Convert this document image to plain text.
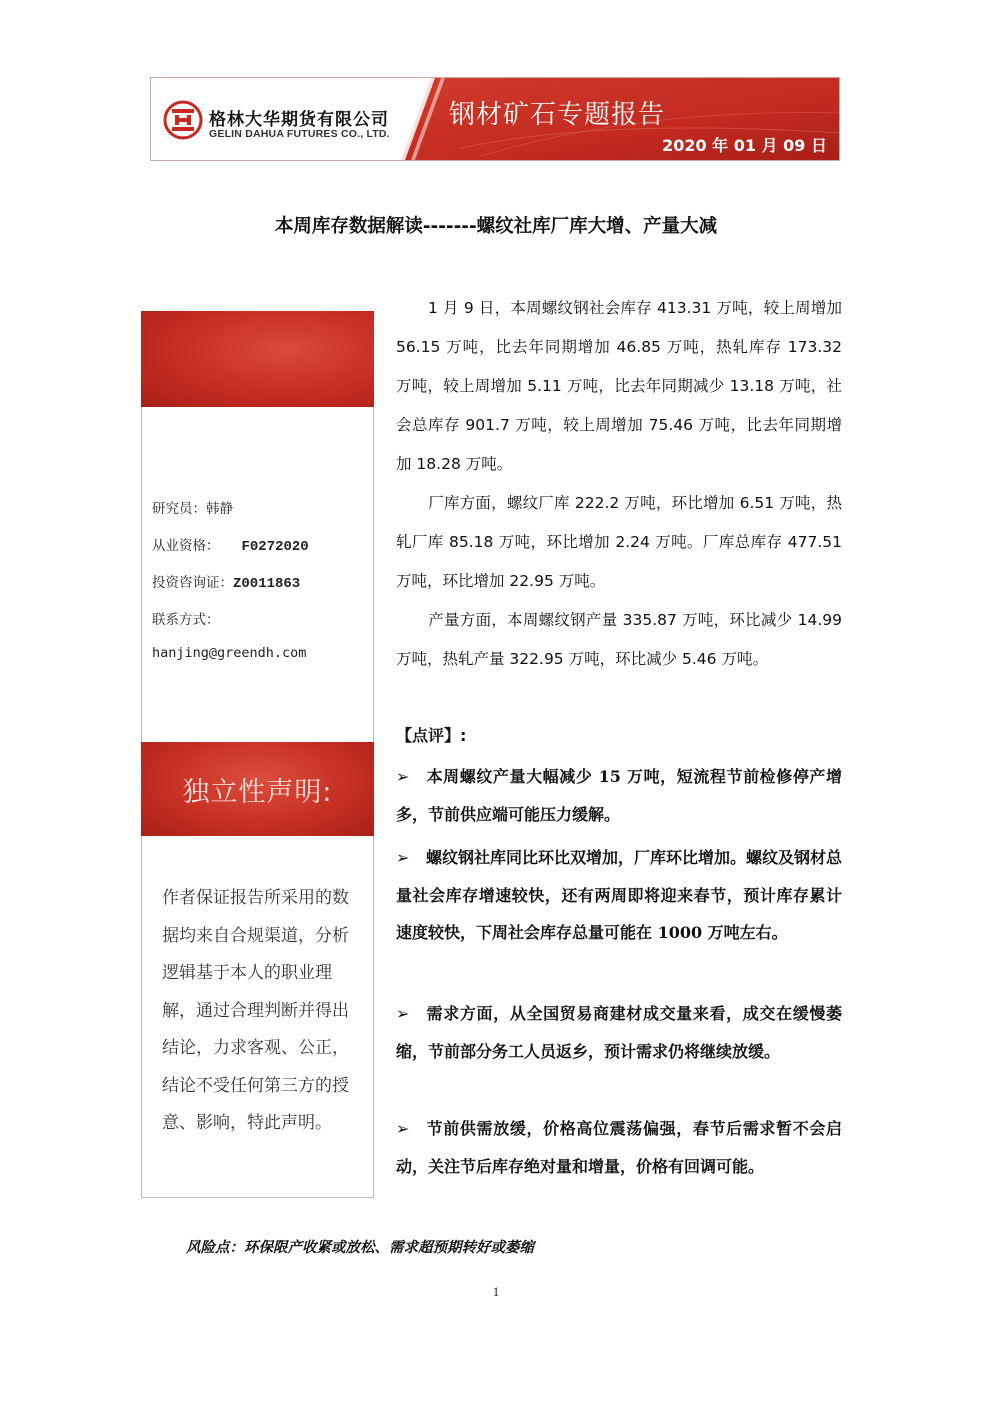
格林大华期货有限公司
GELIN DAHUA FUTURES CO., LTD.
钢材矿石专题报告
2020 年 01 月 09 日
本周库存数据解读-------螺纹社库厂库大增、产量大减
研究员：韩静
从业资格： F0272020
投资咨询证：Z0011863
联系方式：
hanjing@greendh.com
独立性声明:
作者保证报告所采用的数据均来自合规渠道，分析逻辑基于本人的职业理解，通过合理判断并得出结论，力求客观、公正，结论不受任何第三方的授意、影响，特此声明。
1 月 9 日，本周螺纹钢社会库存 413.31 万吨，较上周增加 56.15 万吨，比去年同期增加 46.85 万吨，热轧库存 173.32 万吨，较上周增加 5.11 万吨，比去年同期减少 13.18 万吨，社会总库存 901.7 万吨，较上周增加 75.46 万吨，比去年同期增加 18.28 万吨。
厂库方面，螺纹厂库 222.2 万吨，环比增加 6.51 万吨，热轧厂库 85.18 万吨，环比增加 2.24 万吨。厂库总库存 477.51 万吨，环比增加 22.95 万吨。
产量方面，本周螺纹钢产量 335.87 万吨，环比减少 14.99 万吨，热轧产量 322.95 万吨，环比减少 5.46 万吨。
【点评】:
➢ 本周螺纹产量大幅减少 15 万吨，短流程节前检修停产增多，节前供应端可能压力缓解。
➢ 螺纹钢社库同比环比双增加，厂库环比增加。螺纹及钢材总量社会库存增速较快，还有两周即将迎来春节，预计库存累计速度较快，下周社会库存总量可能在 1000 万吨左右。
➢ 需求方面，从全国贸易商建材成交量来看，成交在缓慢萎缩，节前部分务工人员返乡，预计需求仍将继续放缓。
➢ 节前供需放缓，价格高位震荡偏强，春节后需求暂不会启动，关注节后库存绝对量和增量，价格有回调可能。
风险点：环保限产收紧或放松、需求超预期转好或萎缩
1
